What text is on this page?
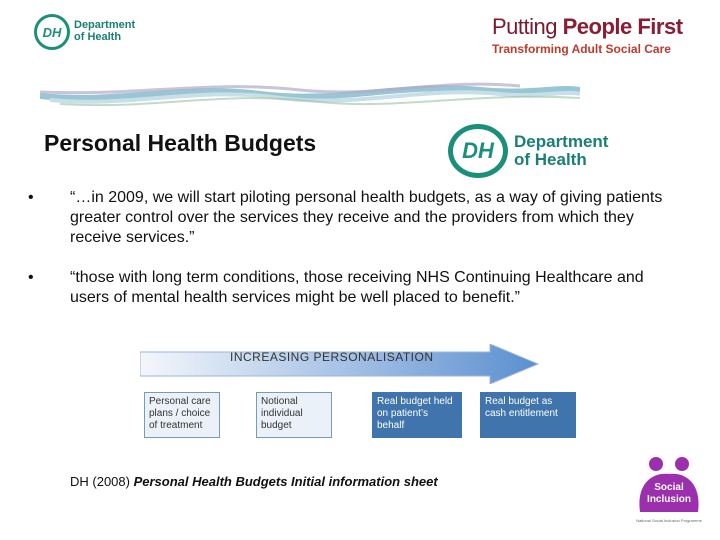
DH	Department
of Health	Putting People First
Transforming Adult Social Care
Personal Health Budgets	DH	Department
of Health
• “…in 2009, we will start piloting personal health budgets, as a way of giving patients greater control over the services they receive and the providers from which they receive services.”
• “those with long term conditions, those receiving NHS Continuing Healthcare and users of mental health services might be well placed to benefit.”
INCREASING PERSONALISATION
Personal care plans / choice of treatment
Notional individual budget
Real budget held on patient’s behalf
Real budget as cash entitlement
DH (2008) Personal Health Budgets Initial information sheet	Social
Inclusion
National Social Inclusion Programme
